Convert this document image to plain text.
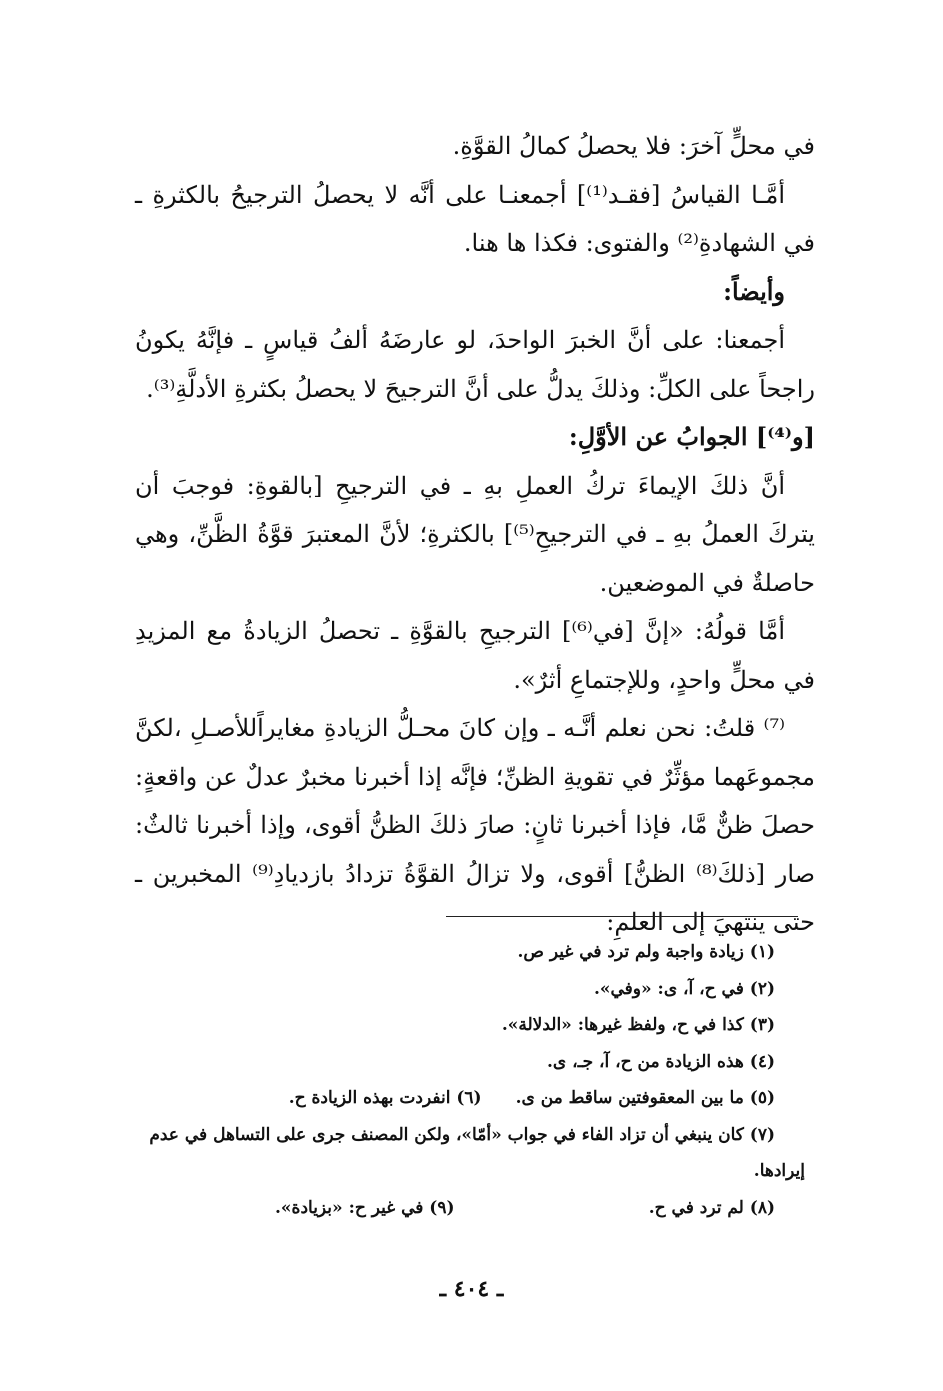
في محلٍّ آخرَ: فلا يحصلُ كمالُ القوَّةِ.

أمَّـا القياسُ [فقـد⁽¹⁾] أجمعنـا على أنَّه لا يحصلُ الترجيحُ بالكثرةِ ـ في الشهادةِ⁽²⁾ والفتوى: فكذا ها هنا.

وأيضاً:

أجمعنا: على أنَّ الخبرَ الواحدَ، لو عارضَهُ ألفُ قياسٍ ـ فإنَّهُ يكونُ راجحاً على الكلِّ: وذلكَ يدلُّ على أنَّ الترجيحَ لا يحصلُ بكثرةِ الأدلَّةِ⁽³⁾.

[و⁽⁴⁾] الجوابُ عن الأوَّلِ:

أنَّ ذلكَ الإيماءَ تركُ العملِ بهِ ـ في الترجيحِ [بالقوةِ: فوجبَ أن يتركَ العملُ بهِ ـ في الترجيحِ⁽⁵⁾] بالكثرةِ؛ لأنَّ المعتبرَ قوَّةُ الظَّنِّ، وهي حاصلةٌ في الموضعين.

أمَّا قولُهُ: «إنَّ [في⁽⁶⁾] الترجيحِ بالقوَّةِ ـ تحصلُ الزيادةُ مع المزيدِ في محلٍّ واحدٍ، وللإجتماعِ أثرٌ».

⁽⁷⁾ قلتُ: نحن نعلم أنَّـه ـ وإن كانَ محـلُّ الزيادةِ مغايراًللأصـلِ ،لكنَّ مجموعَهما مؤثِّرٌ في تقويةِ الظنِّ؛ فإنَّه إذا أخبرنا مخبرٌ عدلٌ عن واقعةٍ: حصلَ ظنٌّ مَّا، فإذا أخبرنا ثانٍ: صارَ ذلكَ الظنُّ أقوى، وإذا أخبرنا ثالثٌ: صار [ذلكَ⁽⁸⁾ الظنُّ] أقوى، ولا تزالُ القوَّةُ تزدادُ بازديادِ⁽⁹⁾ المخبرين ـ حتى ينتهيَ إلى العلمِ:

(١) زيادة واجبة ولم ترد في غير ص.

(٢) في ح، آ، ى: «وفي».

(٣) كذا في ح، ولفظ غيرها: «الدلالة».

(٤) هذه الزيادة من ح، آ، جـ، ى.

(٥) ما بين المعقوفتين ساقط من ى.(٦) انفردت بهذه الزيادة ح.

(٧) كان ينبغي أن تزاد الفاء في جواب «أمّا»، ولكن المصنف جرى على التساهل في عدم إيرادها.

(٨) لم ترد في ح.
(٩) في غير ح: «بزيادة».
ـ ٤٠٤ ـ
